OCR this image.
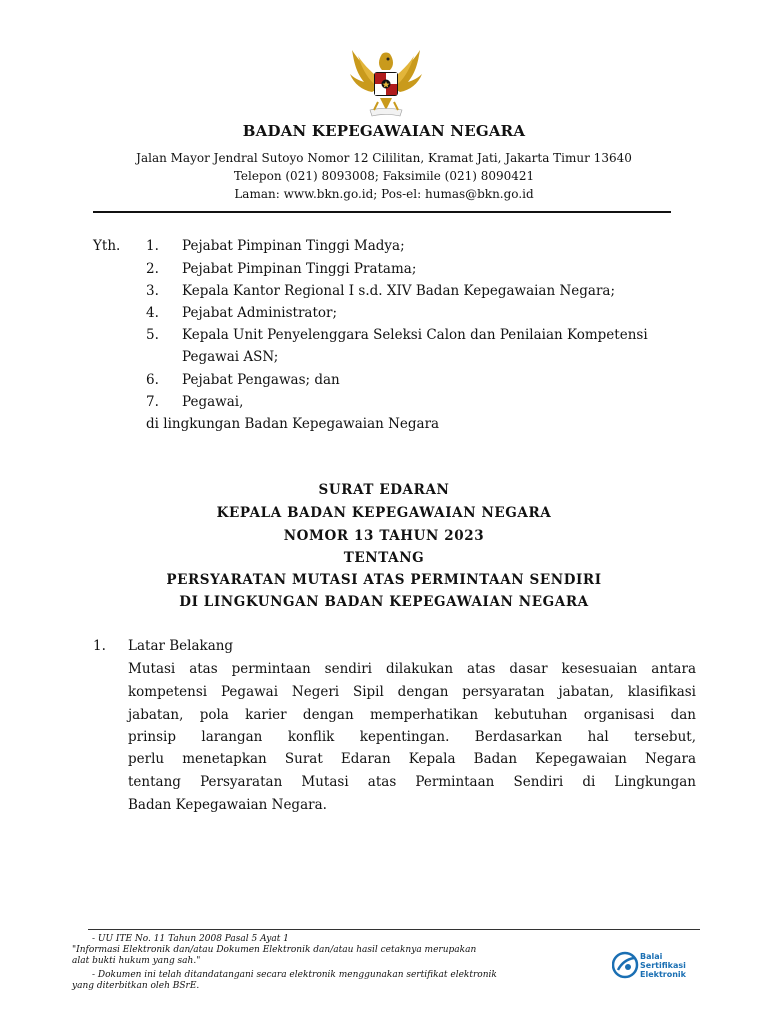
BADAN KEPEGAWAIAN NEGARA
Jalan Mayor Jendral Sutoyo Nomor 12 Cililitan, Kramat Jati, Jakarta Timur 13640
Telepon (021) 8093008; Faksimile (021) 8090421
Laman: www.bkn.go.id; Pos-el: humas@bkn.go.id
Yth. 1. Pejabat Pimpinan Tinggi Madya;
2. Pejabat Pimpinan Tinggi Pratama;
3. Kepala Kantor Regional I s.d. XIV Badan Kepegawaian Negara;
4. Pejabat Administrator;
5. Kepala Unit Penyelenggara Seleksi Calon dan Penilaian Kompetensi
Pegawai ASN;
6. Pejabat Pengawas; dan
7. Pegawai,
di lingkungan Badan Kepegawaian Negara
SURAT EDARAN
KEPALA BADAN KEPEGAWAIAN NEGARA
NOMOR 13 TAHUN 2023
TENTANG
PERSYARATAN MUTASI ATAS PERMINTAAN SENDIRI
DI LINGKUNGAN BADAN KEPEGAWAIAN NEGARA
1. Latar Belakang
Mutasi atas permintaan sendiri dilakukan atas dasar kesesuaian antara
kompetensi Pegawai Negeri Sipil dengan persyaratan jabatan, klasifikasi
jabatan, pola karier dengan memperhatikan kebutuhan organisasi dan
prinsip larangan konflik kepentingan. Berdasarkan hal tersebut,
perlu menetapkan Surat Edaran Kepala Badan Kepegawaian Negara
tentang Persyaratan Mutasi atas Permintaan Sendiri di Lingkungan
Badan Kepegawaian Negara.
- UU ITE No. 11 Tahun 2008 Pasal 5 Ayat 1
"Informasi Elektronik dan/atau Dokumen Elektronik dan/atau hasil cetaknya merupakan
alat bukti hukum yang sah."
- Dokumen ini telah ditandatangani secara elektronik menggunakan sertifikat elektronik
yang diterbitkan oleh BSrE.
Balai
Sertifikasi
Elektronik
